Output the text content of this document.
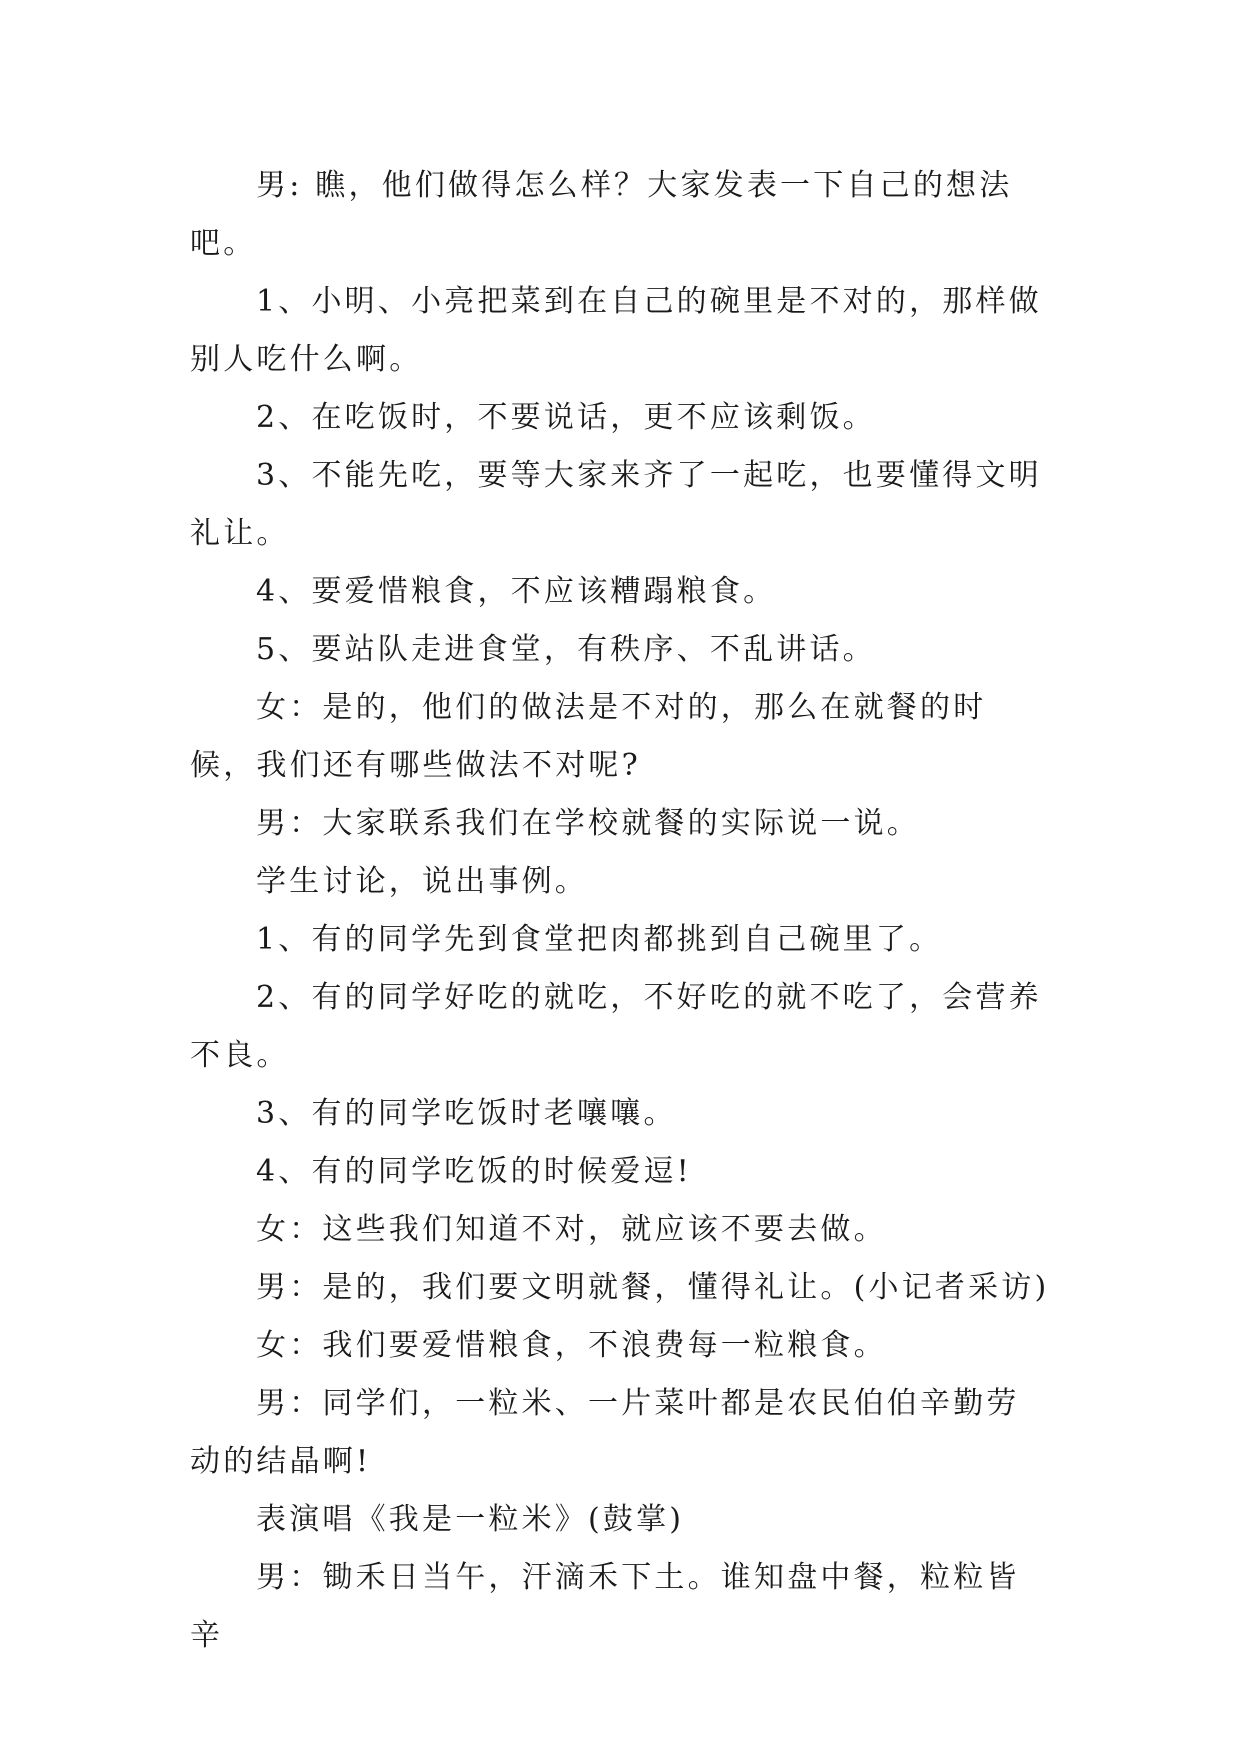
男: 瞧，他们做得怎么样？大家发表一下自己的想法吧。

1、小明、小亮把菜到在自己的碗里是不对的，那样做别人吃什么啊。

2、在吃饭时，不要说话，更不应该剩饭。

3、不能先吃，要等大家来齐了一起吃，也要懂得文明礼让。

4、要爱惜粮食，不应该糟蹋粮食。

5、要站队走进食堂，有秩序、不乱讲话。

女：是的，他们的做法是不对的，那么在就餐的时候，我们还有哪些做法不对呢?

男：大家联系我们在学校就餐的实际说一说。

学生讨论，说出事例。

1、有的同学先到食堂把肉都挑到自己碗里了。

2、有的同学好吃的就吃，不好吃的就不吃了，会营养不良。

3、有的同学吃饭时老嚷嚷。

4、有的同学吃饭的时候爱逗!

女：这些我们知道不对，就应该不要去做。

男：是的，我们要文明就餐，懂得礼让。(小记者采访)

女：我们要爱惜粮食，不浪费每一粒粮食。

男：同学们，一粒米、一片菜叶都是农民伯伯辛勤劳动的结晶啊!

表演唱《我是一粒米》(鼓掌)

男：锄禾日当午，汗滴禾下土。谁知盘中餐，粒粒皆辛
